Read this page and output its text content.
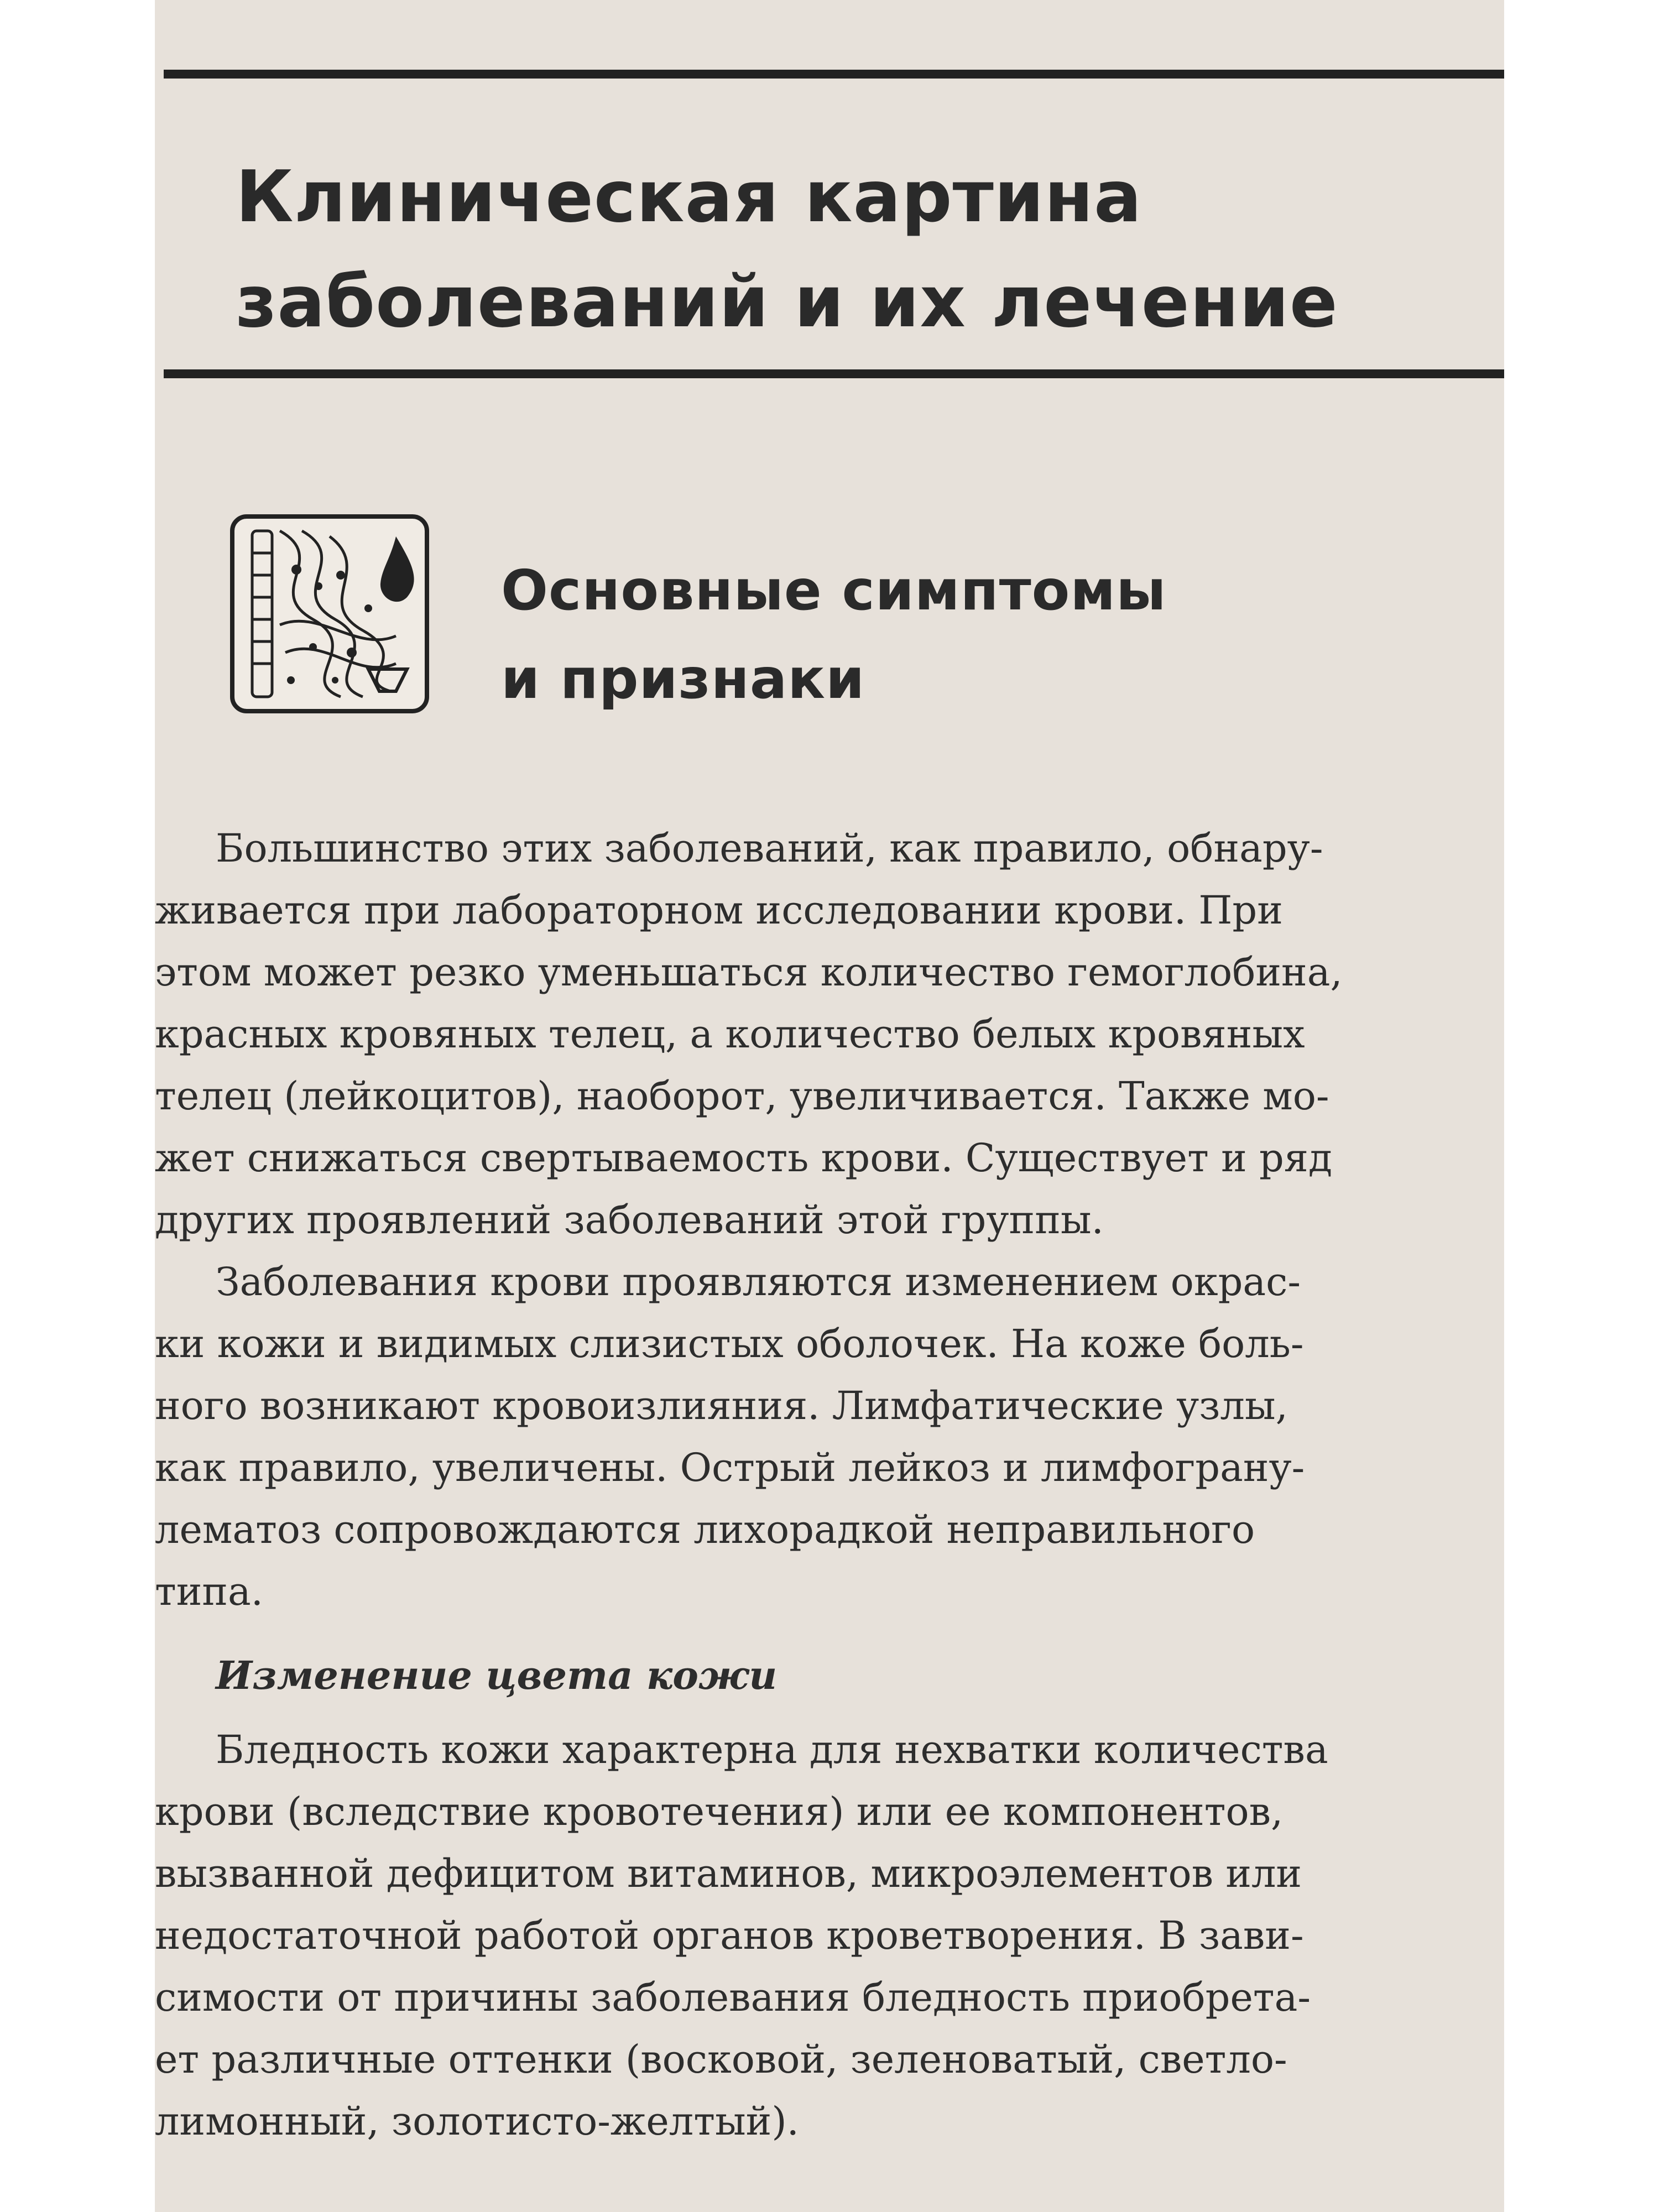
Клиническая картина
заболеваний и их лечение
Основные симптомы
и признаки
Большинство этих заболеваний, как правило, обнару-
живается при лабораторном исследовании крови. При
этом может резко уменьшаться количество гемоглобина,
красных кровяных телец, а количество белых кровяных
телец (лейкоцитов), наоборот, увеличивается. Также мо-
жет снижаться свертываемость крови. Существует и ряд
других проявлений заболеваний этой группы.
Заболевания крови проявляются изменением окрас-
ки кожи и видимых слизистых оболочек. На коже боль-
ного возникают кровоизлияния. Лимфатические узлы,
как правило, увеличены. Острый лейкоз и лимфограну-
лематоз сопровождаются лихорадкой неправильного
типа.
Изменение цвета кожи
Бледность кожи характерна для нехватки количества
крови (вследствие кровотечения) или ее компонентов,
вызванной дефицитом витаминов, микроэлементов или
недостаточной работой органов кроветворения. В зави-
симости от причины заболевания бледность приобрета-
ет различные оттенки (восковой, зеленоватый, светло-
лимонный, золотисто-желтый).
